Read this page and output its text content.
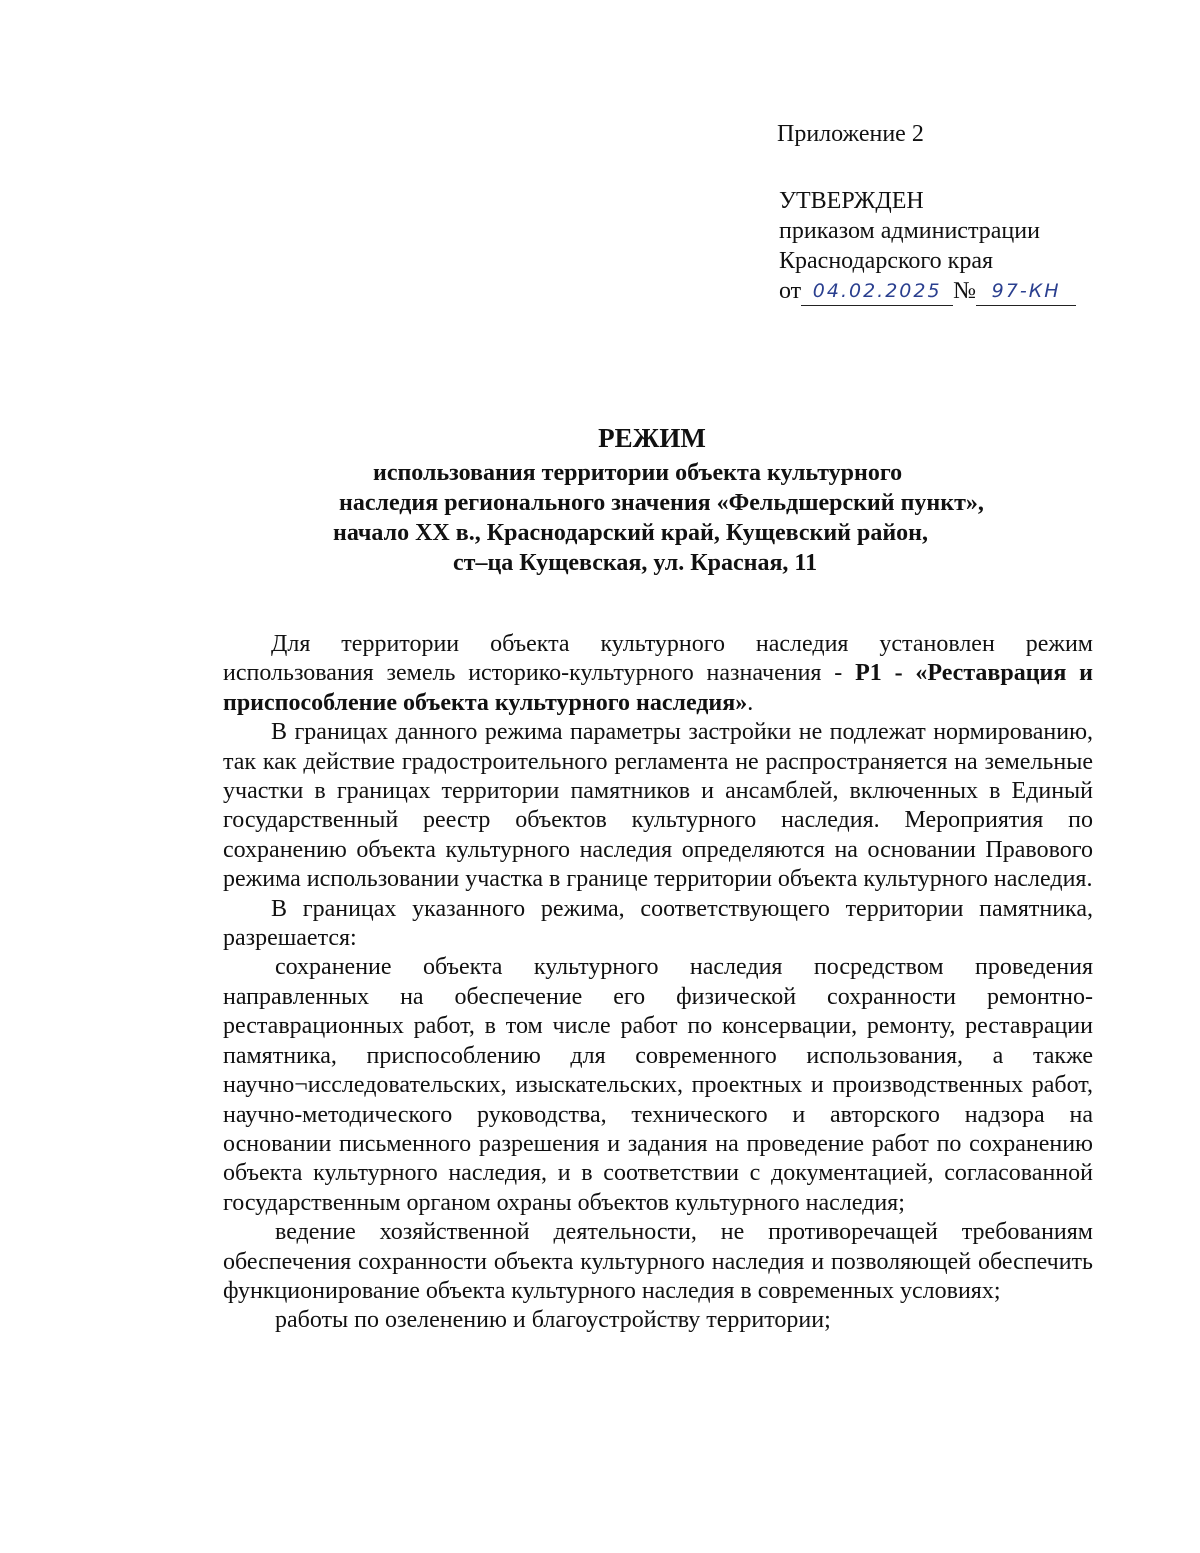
Приложение 2
УТВЕРЖДЕН
приказом администрации
Краснодарского края
от 04.02.2025 № 97-КН
РЕЖИМ
использования территории объекта культурного
наследия регионального значения «Фельдшерский пункт»,
начало XX в., Краснодарский край, Кущевский район,
ст–ца Кущевская, ул. Красная, 11

Для территории объекта культурного наследия установлен режим использования земель историко-культурного назначения - Р1 - «Реставрация и приспособление объекта культурного наследия».

В границах данного режима параметры застройки не подлежат нормированию, так как действие градостроительного регламента не распространяется на земельные участки в границах территории памятников и ансамблей, включенных в Единый государственный реестр объектов культурного наследия. Мероприятия по сохранению объекта культурного наследия определяются на основании Правового режима использовании участка в границе территории объекта культурного наследия.

В границах указанного режима, соответствующего территории памятника, разрешается:

сохранение объекта культурного наследия посредством проведения направленных на обеспечение его физической сохранности ремонтно-реставрационных работ, в том числе работ по консервации, ремонту, реставрации памятника, приспособлению для современного использования, а также научно¬исследовательских, изыскательских, проектных и производственных работ, научно-методического руководства, технического и авторского надзора на основании письменного разрешения и задания на проведение работ по сохранению объекта культурного наследия, и в соответствии с документацией, согласованной государственным органом охраны объектов культурного наследия;

ведение хозяйственной деятельности, не противоречащей требованиям обеспечения сохранности объекта культурного наследия и позволяющей обеспечить функционирование объекта культурного наследия в современных условиях;

работы по озеленению и благоустройству территории;
